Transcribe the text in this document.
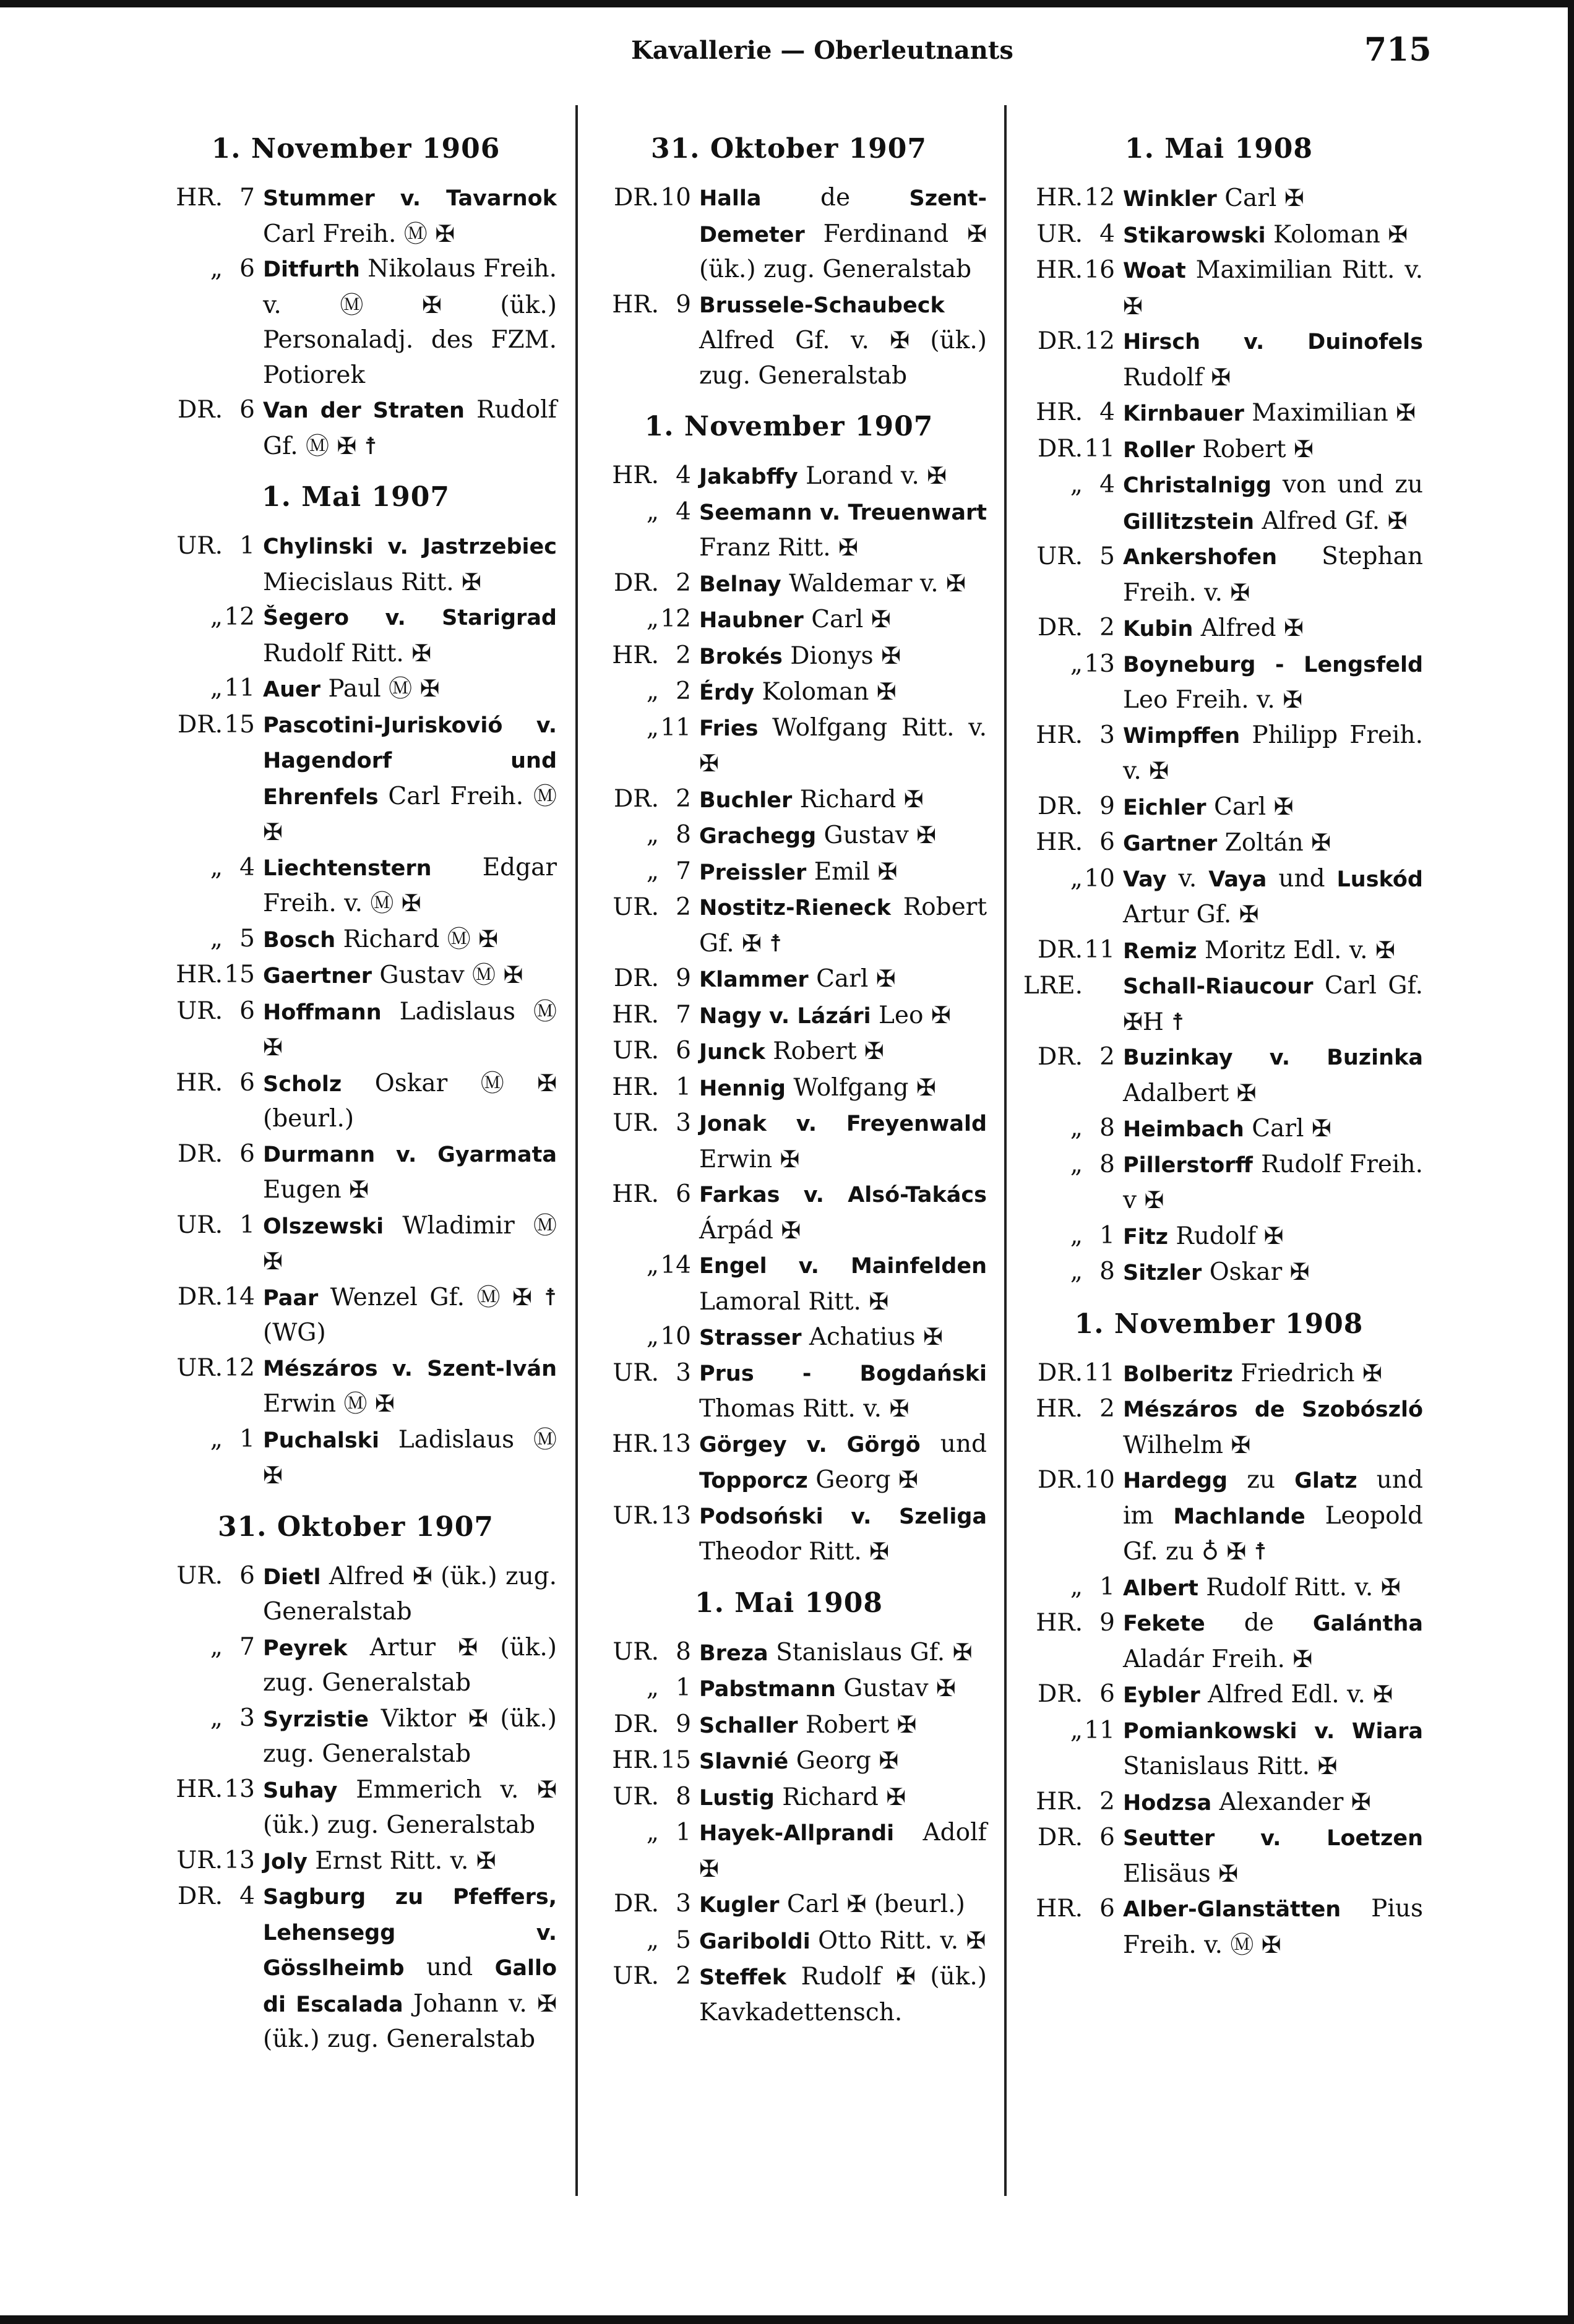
Kavallerie — Oberleutnants	715
1. November 1906
HR. 7 Stummer v. Tavarnok Carl Freih. Ⓜ ✠
„ 6 Ditfurth Nikolaus Freih. v. Ⓜ ✠ (ük.) Personaladj. des FZM. Potiorek
DR. 6 Van der Straten Rudolf Gf. Ⓜ ✠ ☨
1. Mai 1907
UR. 1 Chylinski v. Jastrzebiec Miecislaus Ritt. ✠
„ 12 Šegero v. Starigrad Rudolf Ritt. ✠
„ 11 Auer Paul Ⓜ ✠
DR. 15 Pascotini-Juriskovió v. Hagendorf und Ehrenfels Carl Freih. Ⓜ ✠
„ 4 Liechtenstern Edgar Freih. v. Ⓜ ✠
„ 5 Bosch Richard Ⓜ ✠
HR. 15 Gaertner Gustav Ⓜ ✠
UR. 6 Hoffmann Ladislaus Ⓜ ✠
HR. 6 Scholz Oskar Ⓜ ✠ (beurl.)
DR. 6 Durmann v. Gyarmata Eugen ✠
UR. 1 Olszewski Wladimir Ⓜ ✠
DR. 14 Paar Wenzel Gf. Ⓜ ✠ ☨ (WG)
UR. 12 Mészáros v. Szent-Iván Erwin Ⓜ ✠
„ 1 Puchalski Ladislaus Ⓜ ✠
31. Oktober 1907
UR. 6 Dietl Alfred ✠ (ük.) zug. Generalstab
„ 7 Peyrek Artur ✠ (ük.) zug. Generalstab
„ 3 Syrzistie Viktor ✠ (ük.) zug. Generalstab
HR. 13 Suhay Emmerich v. ✠ (ük.) zug. Generalstab
UR. 13 Joly Ernst Ritt. v. ✠
DR. 4 Sagburg zu Pfeffers, Lehensegg v. Gösslheimb und Gallo di Escalada Johann v. ✠ (ük.) zug. Generalstab
31. Oktober 1907
DR. 10 Halla de Szent-Demeter Ferdinand ✠ (ük.) zug. Generalstab
HR. 9 Brussele-Schaubeck Alfred Gf. v. ✠ (ük.) zug. Generalstab
1. November 1907
HR. 4 Jakabffy Lorand v. ✠
„ 4 Seemann v. Treuenwart Franz Ritt. ✠
DR. 2 Belnay Waldemar v. ✠
„ 12 Haubner Carl ✠
HR. 2 Brokés Dionys ✠
„ 2 Érdy Koloman ✠
„ 11 Fries Wolfgang Ritt. v. ✠
DR. 2 Buchler Richard ✠
„ 8 Grachegg Gustav ✠
„ 7 Preissler Emil ✠
UR. 2 Nostitz-Rieneck Robert Gf. ✠ ☨
DR. 9 Klammer Carl ✠
HR. 7 Nagy v. Lázári Leo ✠
UR. 6 Junck Robert ✠
HR. 1 Hennig Wolfgang ✠
UR. 3 Jonak v. Freyenwald Erwin ✠
HR. 6 Farkas v. Alsó-Takács Árpád ✠
„ 14 Engel v. Mainfelden Lamoral Ritt. ✠
„ 10 Strasser Achatius ✠
UR. 3 Prus - Bogdański Thomas Ritt. v. ✠
HR. 13 Görgey v. Görgö und Topporcz Georg ✠
UR. 13 Podsoński v. Szeliga Theodor Ritt. ✠
1. Mai 1908
UR. 8 Breza Stanislaus Gf. ✠
„ 1 Pabstmann Gustav ✠
DR. 9 Schaller Robert ✠
HR. 15 Slavnié Georg ✠
UR. 8 Lustig Richard ✠
„ 1 Hayek-Allprandi Adolf ✠
DR. 3 Kugler Carl ✠ (beurl.)
„ 5 Gariboldi Otto Ritt. v. ✠
UR. 2 Steffek Rudolf ✠ (ük.) Kavkadettensch.
1. Mai 1908
HR. 12 Winkler Carl ✠
UR. 4 Stikarowski Koloman ✠
HR. 16 Woat Maximilian Ritt. v. ✠
DR. 12 Hirsch v. Duinofels Rudolf ✠
HR. 4 Kirnbauer Maximilian ✠
DR. 11 Roller Robert ✠
„ 4 Christalnigg von und zu Gillitzstein Alfred Gf. ✠
UR. 5 Ankershofen Stephan Freih. v. ✠
DR. 2 Kubin Alfred ✠
„ 13 Boyneburg - Lengsfeld Leo Freih. v. ✠
HR. 3 Wimpffen Philipp Freih. v. ✠
DR. 9 Eichler Carl ✠
HR. 6 Gartner Zoltán ✠
„ 10 Vay v. Vaya und Luskód Artur Gf. ✠
DR. 11 Remiz Moritz Edl. v. ✠
LRE. Schall-Riaucour Carl Gf. ✠H ☨
DR. 2 Buzinkay v. Buzinka Adalbert ✠
„ 8 Heimbach Carl ✠
„ 8 Pillerstorff Rudolf Freih. v ✠
„ 1 Fitz Rudolf ✠
„ 8 Sitzler Oskar ✠
1. November 1908
DR. 11 Bolberitz Friedrich ✠
HR. 2 Mészáros de Szobószló Wilhelm ✠
DR. 10 Hardegg zu Glatz und im Machlande Leopold Gf. zu ♁ ✠ ☨
„ 1 Albert Rudolf Ritt. v. ✠
HR. 9 Fekete de Galántha Aladár Freih. ✠
DR. 6 Eybler Alfred Edl. v. ✠
„ 11 Pomiankowski v. Wiara Stanislaus Ritt. ✠
HR. 2 Hodzsa Alexander ✠
DR. 6 Seutter v. Loetzen Elisäus ✠
HR. 6 Alber-Glanstätten Pius Freih. v. Ⓜ ✠
